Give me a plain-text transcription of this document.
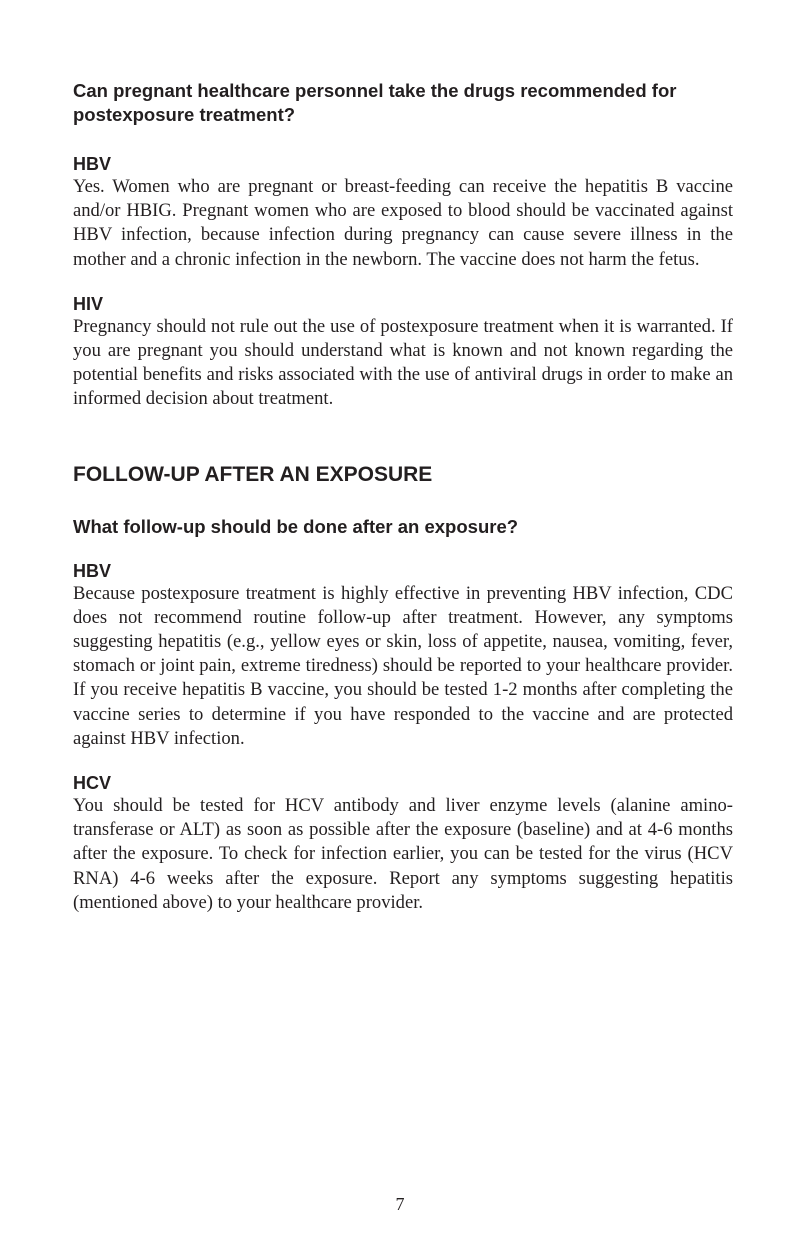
Can pregnant healthcare personnel take the drugs recommended for postexposure treatment?
HBV

Yes. Women who are pregnant or breast-feeding can receive the hepatitis B vaccine and/or HBIG. Pregnant women who are exposed to blood should be vaccinated against HBV infection, because infection during pregnancy can cause severe illness in the mother and a chronic infection in the newborn. The vaccine does not harm the fetus.

HIV

Pregnancy should not rule out the use of postexposure treatment when it is warranted. If you are pregnant you should understand what is known and not known regarding the potential benefits and risks associated with the use of antiviral drugs in order to make an informed decision about treatment.

FOLLOW-UP AFTER AN EXPOSURE
What follow-up should be done after an exposure?
HBV

Because postexposure treatment is highly effective in preventing HBV infection, CDC does not recommend routine follow-up after treatment. However, any symptoms suggesting hepatitis (e.g., yellow eyes or skin, loss of appetite, nausea, vomiting, fever, stomach or joint pain, extreme tiredness) should be reported to your healthcare provider. If you receive hepatitis B vaccine, you should be tested 1-2 months after completing the vaccine series to determine if you have responded to the vaccine and are protected against HBV infection.

HCV

You should be tested for HCV antibody and liver enzyme levels (alanine aminotransferase or ALT) as soon as possible after the exposure (baseline) and at 4-6 months after the exposure. To check for infection earlier, you can be tested for the virus (HCV RNA) 4-6 weeks after the exposure. Report any symptoms suggesting hepatitis (mentioned above) to your healthcare provider.

7
